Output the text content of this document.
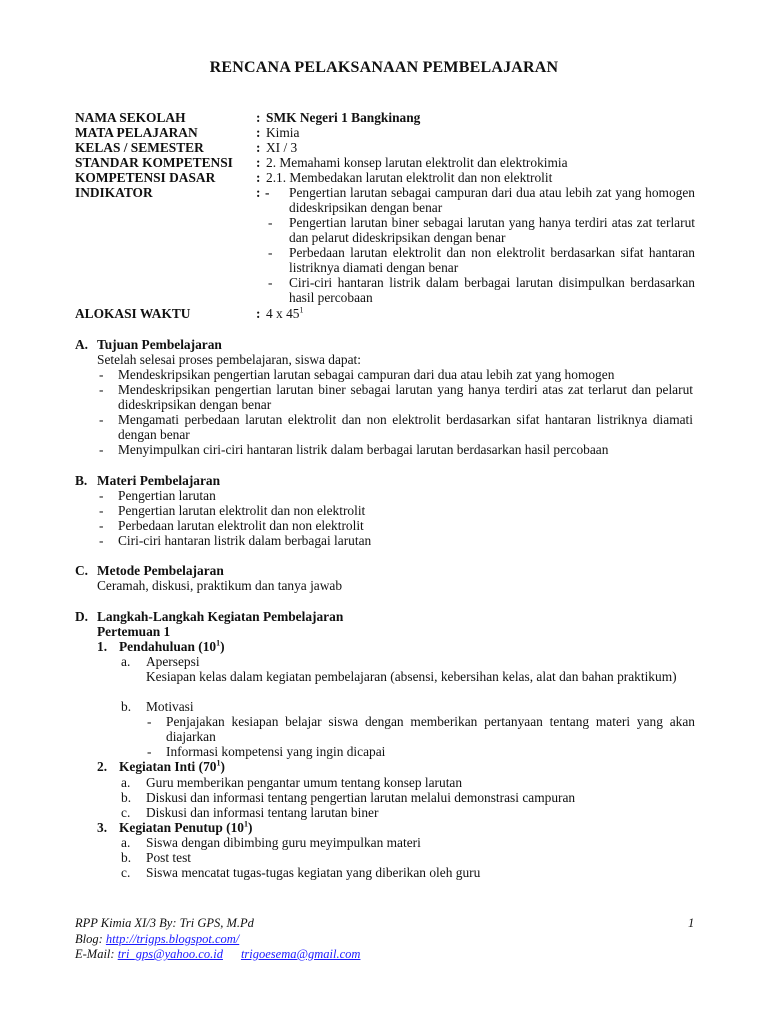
RENCANA PELAKSANAAN PEMBELAJARAN
NAMA SEKOLAH	: SMK Negeri 1 Bangkinang
MATA PELAJARAN	: Kimia
KELAS / SEMESTER	: XI / 3
STANDAR KOMPETENSI : 2. Memahami konsep larutan elektrolit dan elektrokimia
KOMPETENSI DASAR	: 2.1. Membedakan larutan elektrolit dan non elektrolit
INDIKATOR	: - Pengertian larutan sebagai campuran dari dua atau lebih zat yang homogen dideskripsikan dengan benar
- Pengertian larutan biner sebagai larutan yang hanya terdiri atas zat terlarut dan pelarut dideskripsikan dengan benar
- Perbedaan larutan elektrolit dan non elektrolit berdasarkan sifat hantaran listriknya diamati dengan benar
- Ciri-ciri hantaran listrik dalam berbagai larutan disimpulkan berdasarkan hasil percobaan
ALOKASI WAKTU	: 4 x $45^1$
A. Tujuan Pembelajaran
Setelah selesai proses pembelajaran, siswa dapat:
- Mendeskripsikan pengertian larutan sebagai campuran dari dua atau lebih zat yang homogen
- Mendeskripsikan pengertian larutan biner sebagai larutan yang hanya terdiri atas zat terlarut dan pelarut dideskripsikan dengan benar
- Mengamati perbedaan larutan elektrolit dan non elektrolit berdasarkan sifat hantaran listriknya diamati dengan benar
- Menyimpulkan ciri-ciri hantaran listrik dalam berbagai larutan berdasarkan hasil percobaan
B. Materi Pembelajaran
- Pengertian larutan
- Pengertian larutan elektrolit dan non elektrolit
- Perbedaan larutan elektrolit dan non elektrolit
- Ciri-ciri hantaran listrik dalam berbagai larutan
C. Metode Pembelajaran
Ceramah, diskusi, praktikum dan tanya jawab
D. Langkah-Langkah Kegiatan Pembelajaran
Pertemuan 1
1. Pendahuluan $(10^1)$
a. Apersepsi
Kesiapan kelas dalam kegiatan pembelajaran (absensi, kebersihan kelas, alat dan bahan praktikum)
b. Motivasi
- Penjajakan kesiapan belajar siswa dengan memberikan pertanyaan tentang materi yang akan diajarkan
- Informasi kompetensi yang ingin dicapai
2. Kegiatan Inti $(70^1)$
a. Guru memberikan pengantar umum tentang konsep larutan
b. Diskusi dan informasi tentang pengertian larutan melalui demonstrasi campuran
c. Diskusi dan informasi tentang larutan biner
3. Kegiatan Penutup $(10^1)$
a. Siswa dengan dibimbing guru meyimpulkan materi
b. Post test
c. Siswa mencatat tugas-tugas kegiatan yang diberikan oleh guru
RPP Kimia XI/3 By: Tri GPS, M.Pd	1
Blog: http://trigps.blogspot.com/
E-Mail: tri_gps@yahoo.co.id trigoesema@gmail.com
